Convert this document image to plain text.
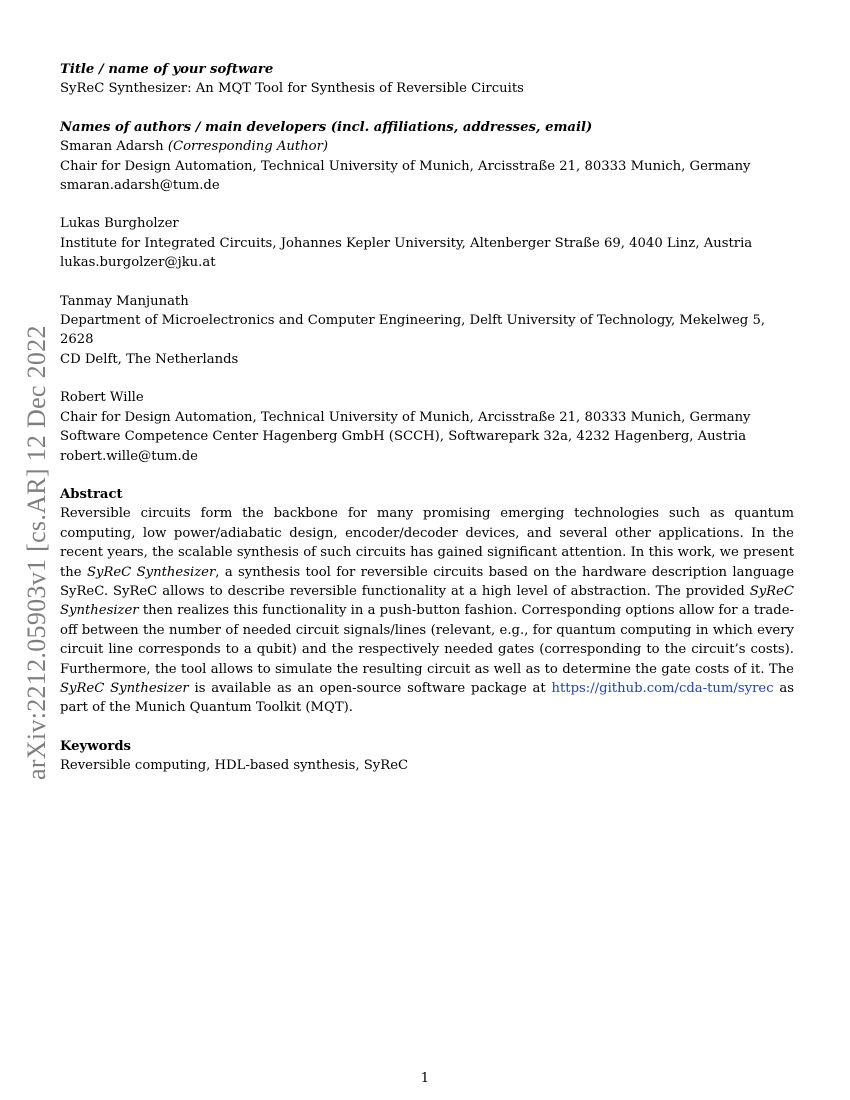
arXiv:2212.05903v1 [cs.AR] 12 Dec 2022

Title / name of your software

SyReC Synthesizer: An MQT Tool for Synthesis of Reversible Circuits

Names of authors / main developers (incl. affiliations, addresses, email)

Smaran Adarsh (Corresponding Author)

Chair for Design Automation, Technical University of Munich, Arcisstraße 21, 80333 Munich, Germany

smaran.adarsh@tum.de

Lukas Burgholzer

Institute for Integrated Circuits, Johannes Kepler University, Altenberger Straße 69, 4040 Linz, Austria

lukas.burgolzer@jku.at

Tanmay Manjunath

Department of Microelectronics and Computer Engineering, Delft University of Technology, Mekelweg 5, 2628

CD Delft, The Netherlands

Robert Wille

Chair for Design Automation, Technical University of Munich, Arcisstraße 21, 80333 Munich, Germany

Software Competence Center Hagenberg GmbH (SCCH), Softwarepark 32a, 4232 Hagenberg, Austria

robert.wille@tum.de

Abstract

Reversible circuits form the backbone for many promising emerging technologies such as quantum computing, low power/adiabatic design, encoder/decoder devices, and several other applications. In the recent years, the scalable synthesis of such circuits has gained significant attention. In this work, we present the SyReC Synthesizer, a synthesis tool for reversible circuits based on the hardware description language SyReC. SyReC allows to describe reversible functionality at a high level of abstraction. The provided SyReC Synthesizer then realizes this functionality in a push-button fashion. Corresponding options allow for a trade-off between the number of needed circuit signals/lines (relevant, e.g., for quantum computing in which every circuit line corresponds to a qubit) and the respectively needed gates (corresponding to the circuit’s costs). Furthermore, the tool allows to simulate the resulting circuit as well as to determine the gate costs of it. The SyReC Synthesizer is available as an open-source software package at https://github.com/cda-tum/syrec as part of the Munich Quantum Toolkit (MQT).

Keywords

Reversible computing, HDL-based synthesis, SyReC

1
